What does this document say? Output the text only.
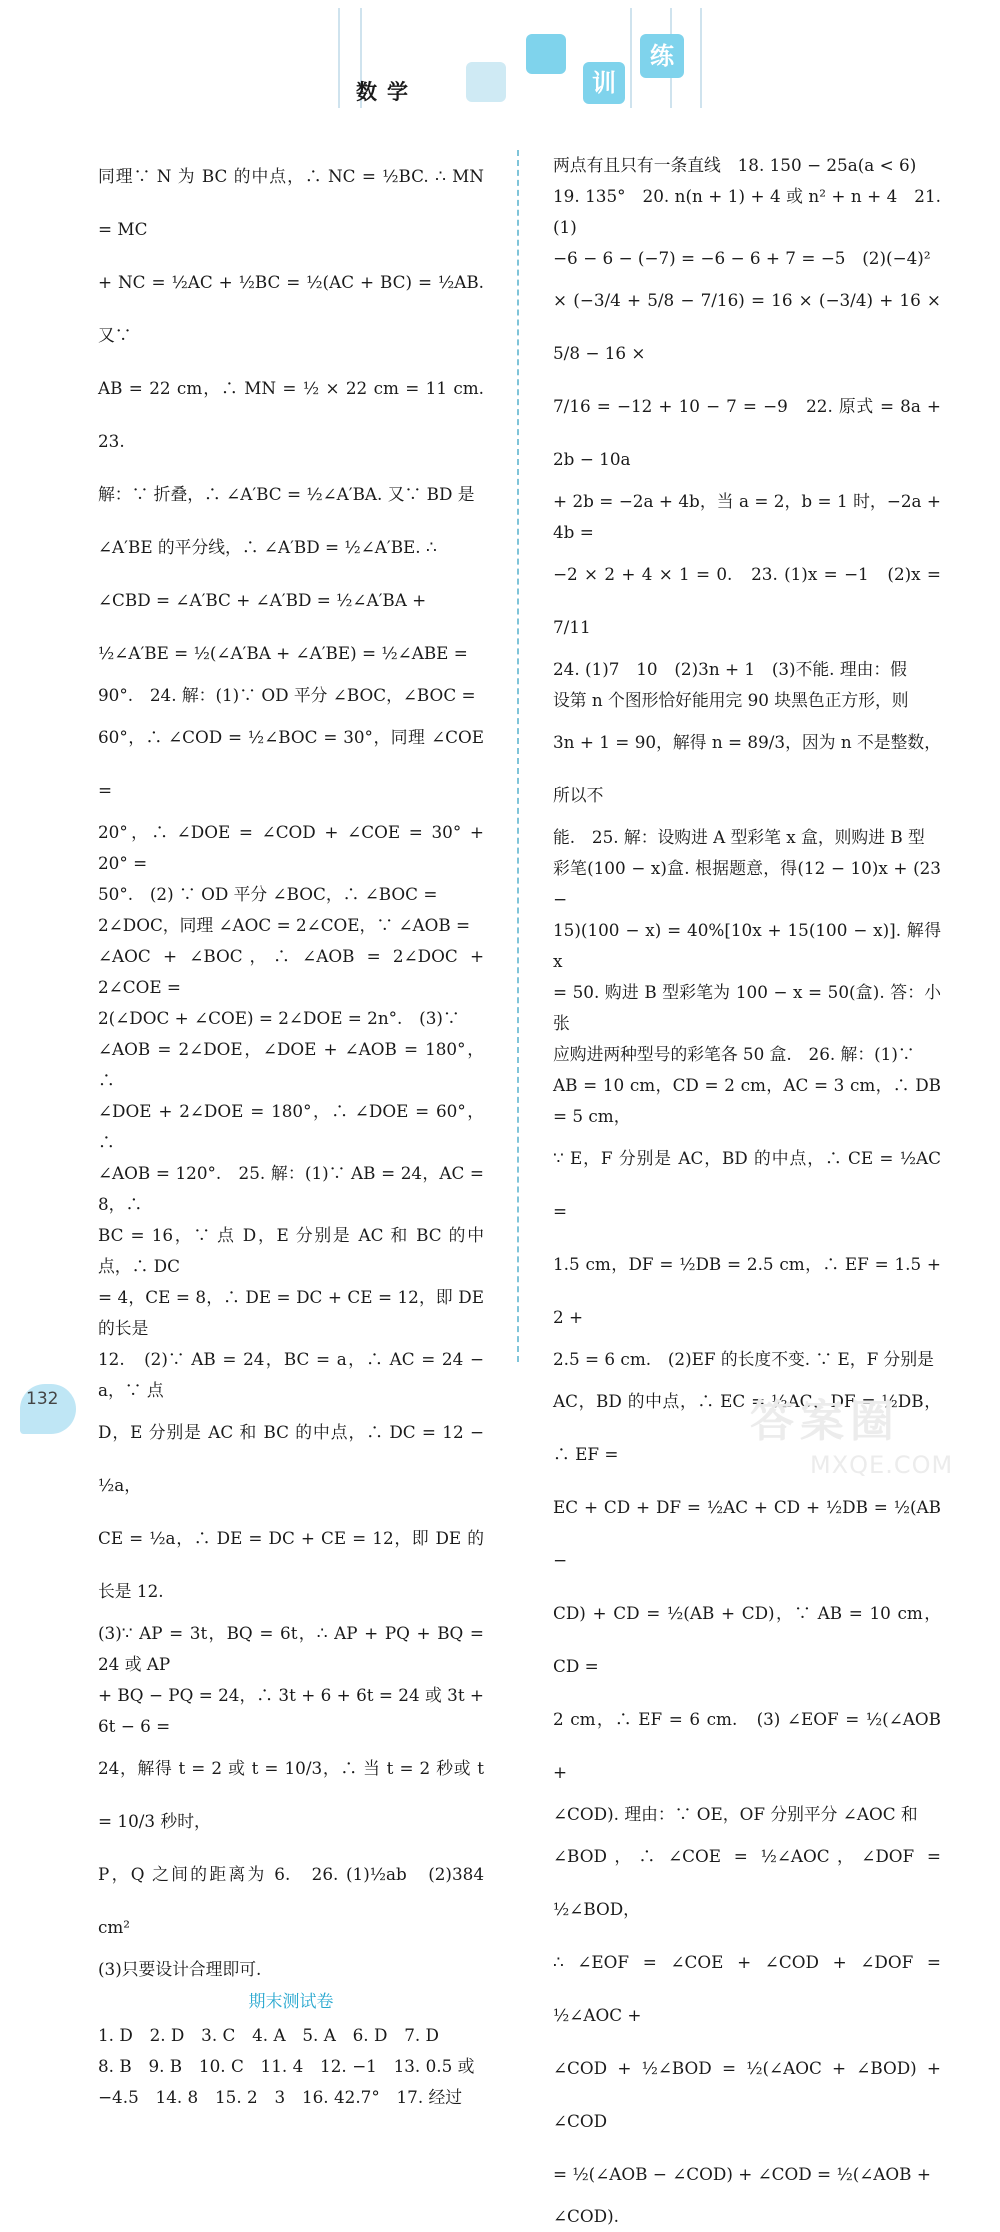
数学	训
练

同理∵ N 为 BC 的中点，∴ NC = ½BC. ∴ MN = MC

+ NC = ½AC + ½BC = ½(AC + BC) = ½AB. 又∵

AB = 22 cm，∴ MN = ½ × 22 cm = 11 cm.　23.

解：∵ 折叠，∴ ∠A′BC = ½∠A′BA. 又∵ BD 是

∠A′BE 的平分线，∴ ∠A′BD = ½∠A′BE. ∴

∠CBD = ∠A′BC + ∠A′BD = ½∠A′BA +

½∠A′BE = ½(∠A′BA + ∠A′BE) = ½∠ABE =

90°.　24. 解：(1)∵ OD 平分 ∠BOC，∠BOC =

60°，∴ ∠COD = ½∠BOC = 30°，同理 ∠COE =

20°，∴ ∠DOE = ∠COD + ∠COE = 30° + 20° =

50°.　(2) ∵ OD 平分 ∠BOC，∴ ∠BOC =

2∠DOC，同理 ∠AOC = 2∠COE，∵ ∠AOB =

∠AOC + ∠BOC，∴ ∠AOB = 2∠DOC + 2∠COE =

2(∠DOC + ∠COE) = 2∠DOE = 2n°.　(3)∵

∠AOB = 2∠DOE，∠DOE + ∠AOB = 180°，∴

∠DOE + 2∠DOE = 180°，∴ ∠DOE = 60°，∴

∠AOB = 120°.　25. 解：(1)∵ AB = 24，AC = 8，∴

BC = 16，∵ 点 D，E 分别是 AC 和 BC 的中点，∴ DC

= 4，CE = 8，∴ DE = DC + CE = 12，即 DE 的长是

12.　(2)∵ AB = 24，BC = a，∴ AC = 24 − a，∵ 点

D，E 分别是 AC 和 BC 的中点，∴ DC = 12 − ½a，

CE = ½a，∴ DE = DC + CE = 12，即 DE 的长是 12.

(3)∵ AP = 3t，BQ = 6t，∴ AP + PQ + BQ = 24 或 AP

+ BQ − PQ = 24，∴ 3t + 6 + 6t = 24 或 3t + 6t − 6 =

24，解得 t = 2 或 t = 10/3，∴ 当 t = 2 秒或 t = 10/3 秒时，

P，Q 之间的距离为 6.　26. (1)½ab　(2)384 cm²

(3)只要设计合理即可.

期末测试卷

1. D　2. D　3. C　4. A　5. A　6. D　7. D

8. B　9. B　10. C　11. 4　12. −1　13. 0.5 或

−4.5　14. 8　15. 2　3　16. 42.7°　17. 经过

两点有且只有一条直线　18. 150 − 25a(a < 6)

19. 135°　20. n(n + 1) + 4 或 n² + n + 4　21. (1)

−6 − 6 − (−7) = −6 − 6 + 7 = −5　(2)(−4)²

× (−3/4 + 5/8 − 7/16) = 16 × (−3/4) + 16 × 5/8 − 16 ×

7/16 = −12 + 10 − 7 = −9　22. 原式 = 8a + 2b − 10a

+ 2b = −2a + 4b，当 a = 2，b = 1 时，−2a + 4b =

−2 × 2 + 4 × 1 = 0.　23. (1)x = −1　(2)x = 7/11

24. (1)7　10　(2)3n + 1　(3)不能. 理由：假

设第 n 个图形恰好能用完 90 块黑色正方形，则

3n + 1 = 90，解得 n = 89/3，因为 n 不是整数，所以不

能.　25. 解：设购进 A 型彩笔 x 盒，则购进 B 型

彩笔(100 − x)盒. 根据题意，得(12 − 10)x + (23 −

15)(100 − x) = 40%[10x + 15(100 − x)]. 解得 x

= 50. 购进 B 型彩笔为 100 − x = 50(盒). 答：小张

应购进两种型号的彩笔各 50 盒.　26. 解：(1)∵

AB = 10 cm，CD = 2 cm，AC = 3 cm，∴ DB = 5 cm，

∵ E，F 分别是 AC，BD 的中点，∴ CE = ½AC =

1.5 cm，DF = ½DB = 2.5 cm，∴ EF = 1.5 + 2 +

2.5 = 6 cm.　(2)EF 的长度不变. ∵ E，F 分别是

AC，BD 的中点，∴ EC = ½AC，DF = ½DB，∴ EF =

EC + CD + DF = ½AC + CD + ½DB = ½(AB −

CD) + CD = ½(AB + CD)，∵ AB = 10 cm，CD =

2 cm，∴ EF = 6 cm.　(3) ∠EOF = ½(∠AOB +

∠COD). 理由：∵ OE，OF 分别平分 ∠AOC 和

∠BOD，∴ ∠COE = ½∠AOC，∠DOF = ½∠BOD，

∴ ∠EOF = ∠COE + ∠COD + ∠DOF = ½∠AOC +

∠COD + ½∠BOD = ½(∠AOC + ∠BOD) + ∠COD

= ½(∠AOB − ∠COD) + ∠COD = ½(∠AOB +

∠COD).

132	答案圈
MXQE.COM
